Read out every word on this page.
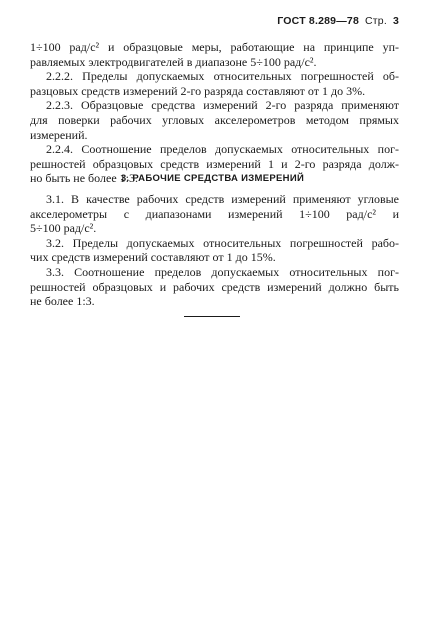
ГОСТ 8.289—78 Стр. 3
1÷100 рад/с² и образцовые меры, работающие на принципе уп-
равляемых электродвигателей в диапазоне 5÷100 рад/с².
2.2.2. Пределы допускаемых относительных погрешностей об-
разцовых средств измерений 2-го разряда составляют от 1 до 3%.
2.2.3. Образцовые средства измерений 2-го разряда применяют
для поверки рабочих угловых акселерометров методом прямых
измерений.
2.2.4. Соотношение пределов допускаемых относительных пог-
решностей образцовых средств измерений 1 и 2-го разряда долж-
но быть не более 1:3.
3. РАБОЧИЕ СРЕДСТВА ИЗМЕРЕНИЙ
3.1. В качестве рабочих средств измерений применяют угловые
акселерометры с диапазонами измерений 1÷100 рад/с² и
5÷100 рад/с².
3.2. Пределы допускаемых относительных погрешностей рабо-
чих средств измерений составляют от 1 до 15%.
3.3. Соотношение пределов допускаемых относительных пог-
решностей образцовых и рабочих средств измерений должно быть
не более 1:3.
